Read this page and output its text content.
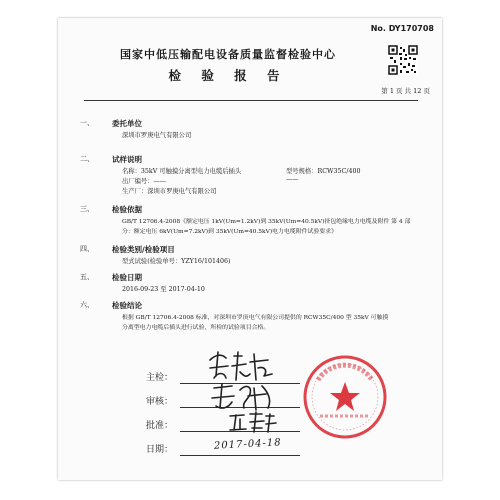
No. DY170708
国家中低压输配电设备质量监督检验中心
检 验 报 告
第 1 页 共 12 页
一、 委托单位
深圳市罗庚电气有限公司
二、 试样说明
名称：35kV 可触摸分离型电力电缆后插头	型号规格：RCW35C/400
出厂编号：——	——
生产厂：深圳市罗庚电气有限公司
三、 检验依据
GB/T 12706.4-2008《额定电压 1kV(Um=1.2kV)到 35kV(Um=40.5kV)挤包绝缘电力电缆及附件 第 4 部
分：额定电压 6kV(Um=7.2kV)到 35kV(Um=40.5kV)电力电缆附件试验要求》
四、 检验类别/检验项目
型式试验(检验单号：YZY16/101406)
五、 检验日期
2016-09-23 至 2017-04-10
六、 检验结论
根据 GB/T 12706.4-2008 标准，对深圳市罗庚电气有限公司提供的 RCW35C/400 型 35kV 可触摸
分离型电力电缆后插头进行试验，所检的试验项目合格。
主检：
审核：
批准：
日期：	2017-04-18
